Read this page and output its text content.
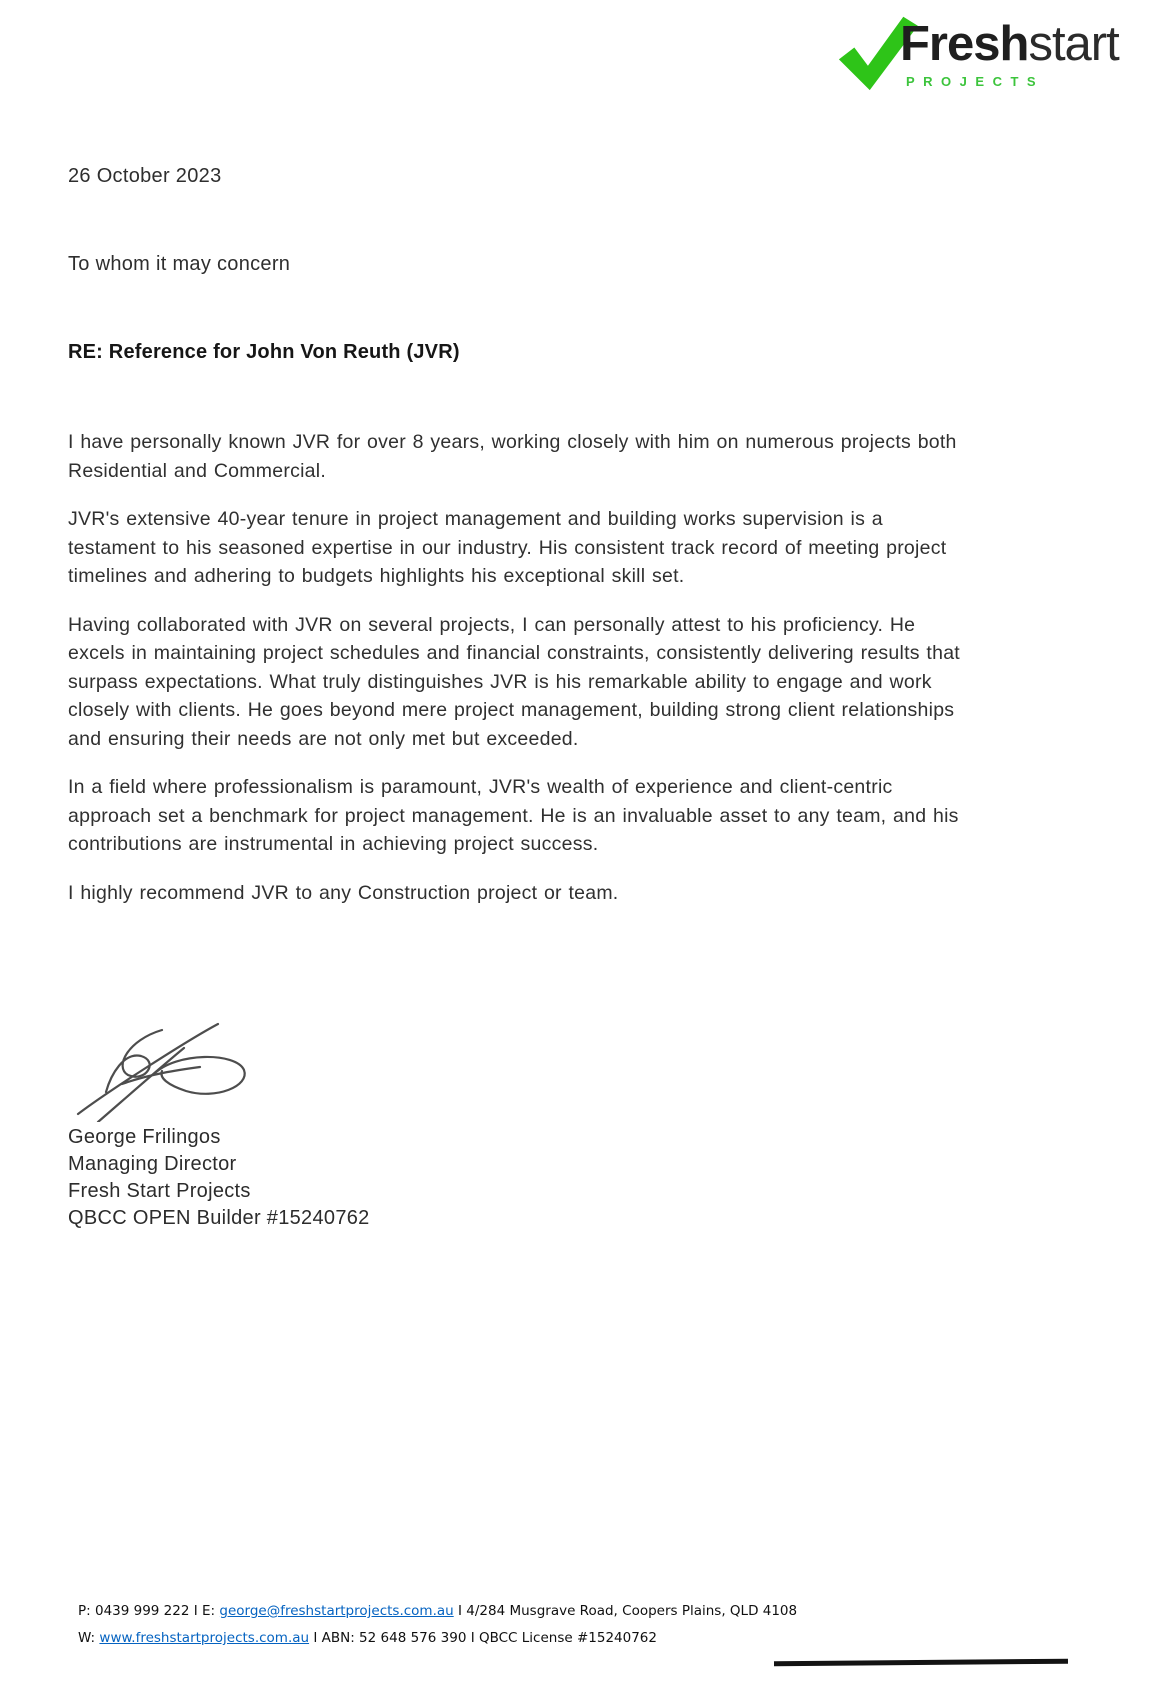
Freshstart
PROJECTS
26 October 2023
To whom it may concern
RE: Reference for John Von Reuth (JVR)

I have personally known JVR for over 8 years, working closely with him on numerous projects both Residential and Commercial.

JVR's extensive 40-year tenure in project management and building works supervision is a testament to his seasoned expertise in our industry. His consistent track record of meeting project timelines and adhering to budgets highlights his exceptional skill set.

Having collaborated with JVR on several projects, I can personally attest to his proficiency. He excels in maintaining project schedules and financial constraints, consistently delivering results that surpass expectations. What truly distinguishes JVR is his remarkable ability to engage and work closely with clients. He goes beyond mere project management, building strong client relationships and ensuring their needs are not only met but exceeded.

In a field where professionalism is paramount, JVR's wealth of experience and client-centric approach set a benchmark for project management. He is an invaluable asset to any team, and his contributions are instrumental in achieving project success.

I highly recommend JVR to any Construction project or team.

George Frilingos
Managing Director
Fresh Start Projects
QBCC OPEN Builder #15240762
P: 0439 999 222 I E: george@freshstartprojects.com.au I 4/284 Musgrave Road, Coopers Plains, QLD 4108
W: www.freshstartprojects.com.au I ABN: 52 648 576 390 I QBCC License #15240762
